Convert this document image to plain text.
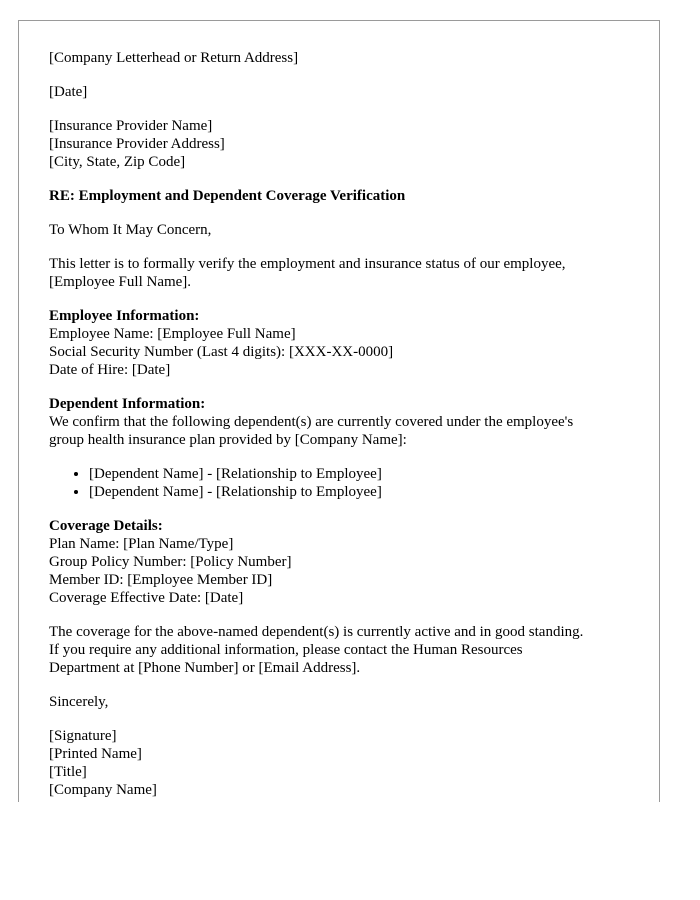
[Company Letterhead or Return Address]
[Date]
[Insurance Provider Name]
[Insurance Provider Address]
[City, State, Zip Code]
RE: Employment and Dependent Coverage Verification
To Whom It May Concern,
This letter is to formally verify the employment and insurance status of our employee, [Employee Full Name].
Employee Information:
Employee Name: [Employee Full Name]
Social Security Number (Last 4 digits): [XXX-XX-0000]
Date of Hire: [Date]
Dependent Information:
We confirm that the following dependent(s) are currently covered under the employee's
group health insurance plan provided by [Company Name]:
• [Dependent Name] - [Relationship to Employee]
• [Dependent Name] - [Relationship to Employee]
Coverage Details:
Plan Name: [Plan Name/Type]
Group Policy Number: [Policy Number]
Member ID: [Employee Member ID]
Coverage Effective Date: [Date]
The coverage for the above-named dependent(s) is currently active and in good standing.
If you require any additional information, please contact the Human Resources
Department at [Phone Number] or [Email Address].
Sincerely,
[Signature]
[Printed Name]
[Title]
[Company Name]
